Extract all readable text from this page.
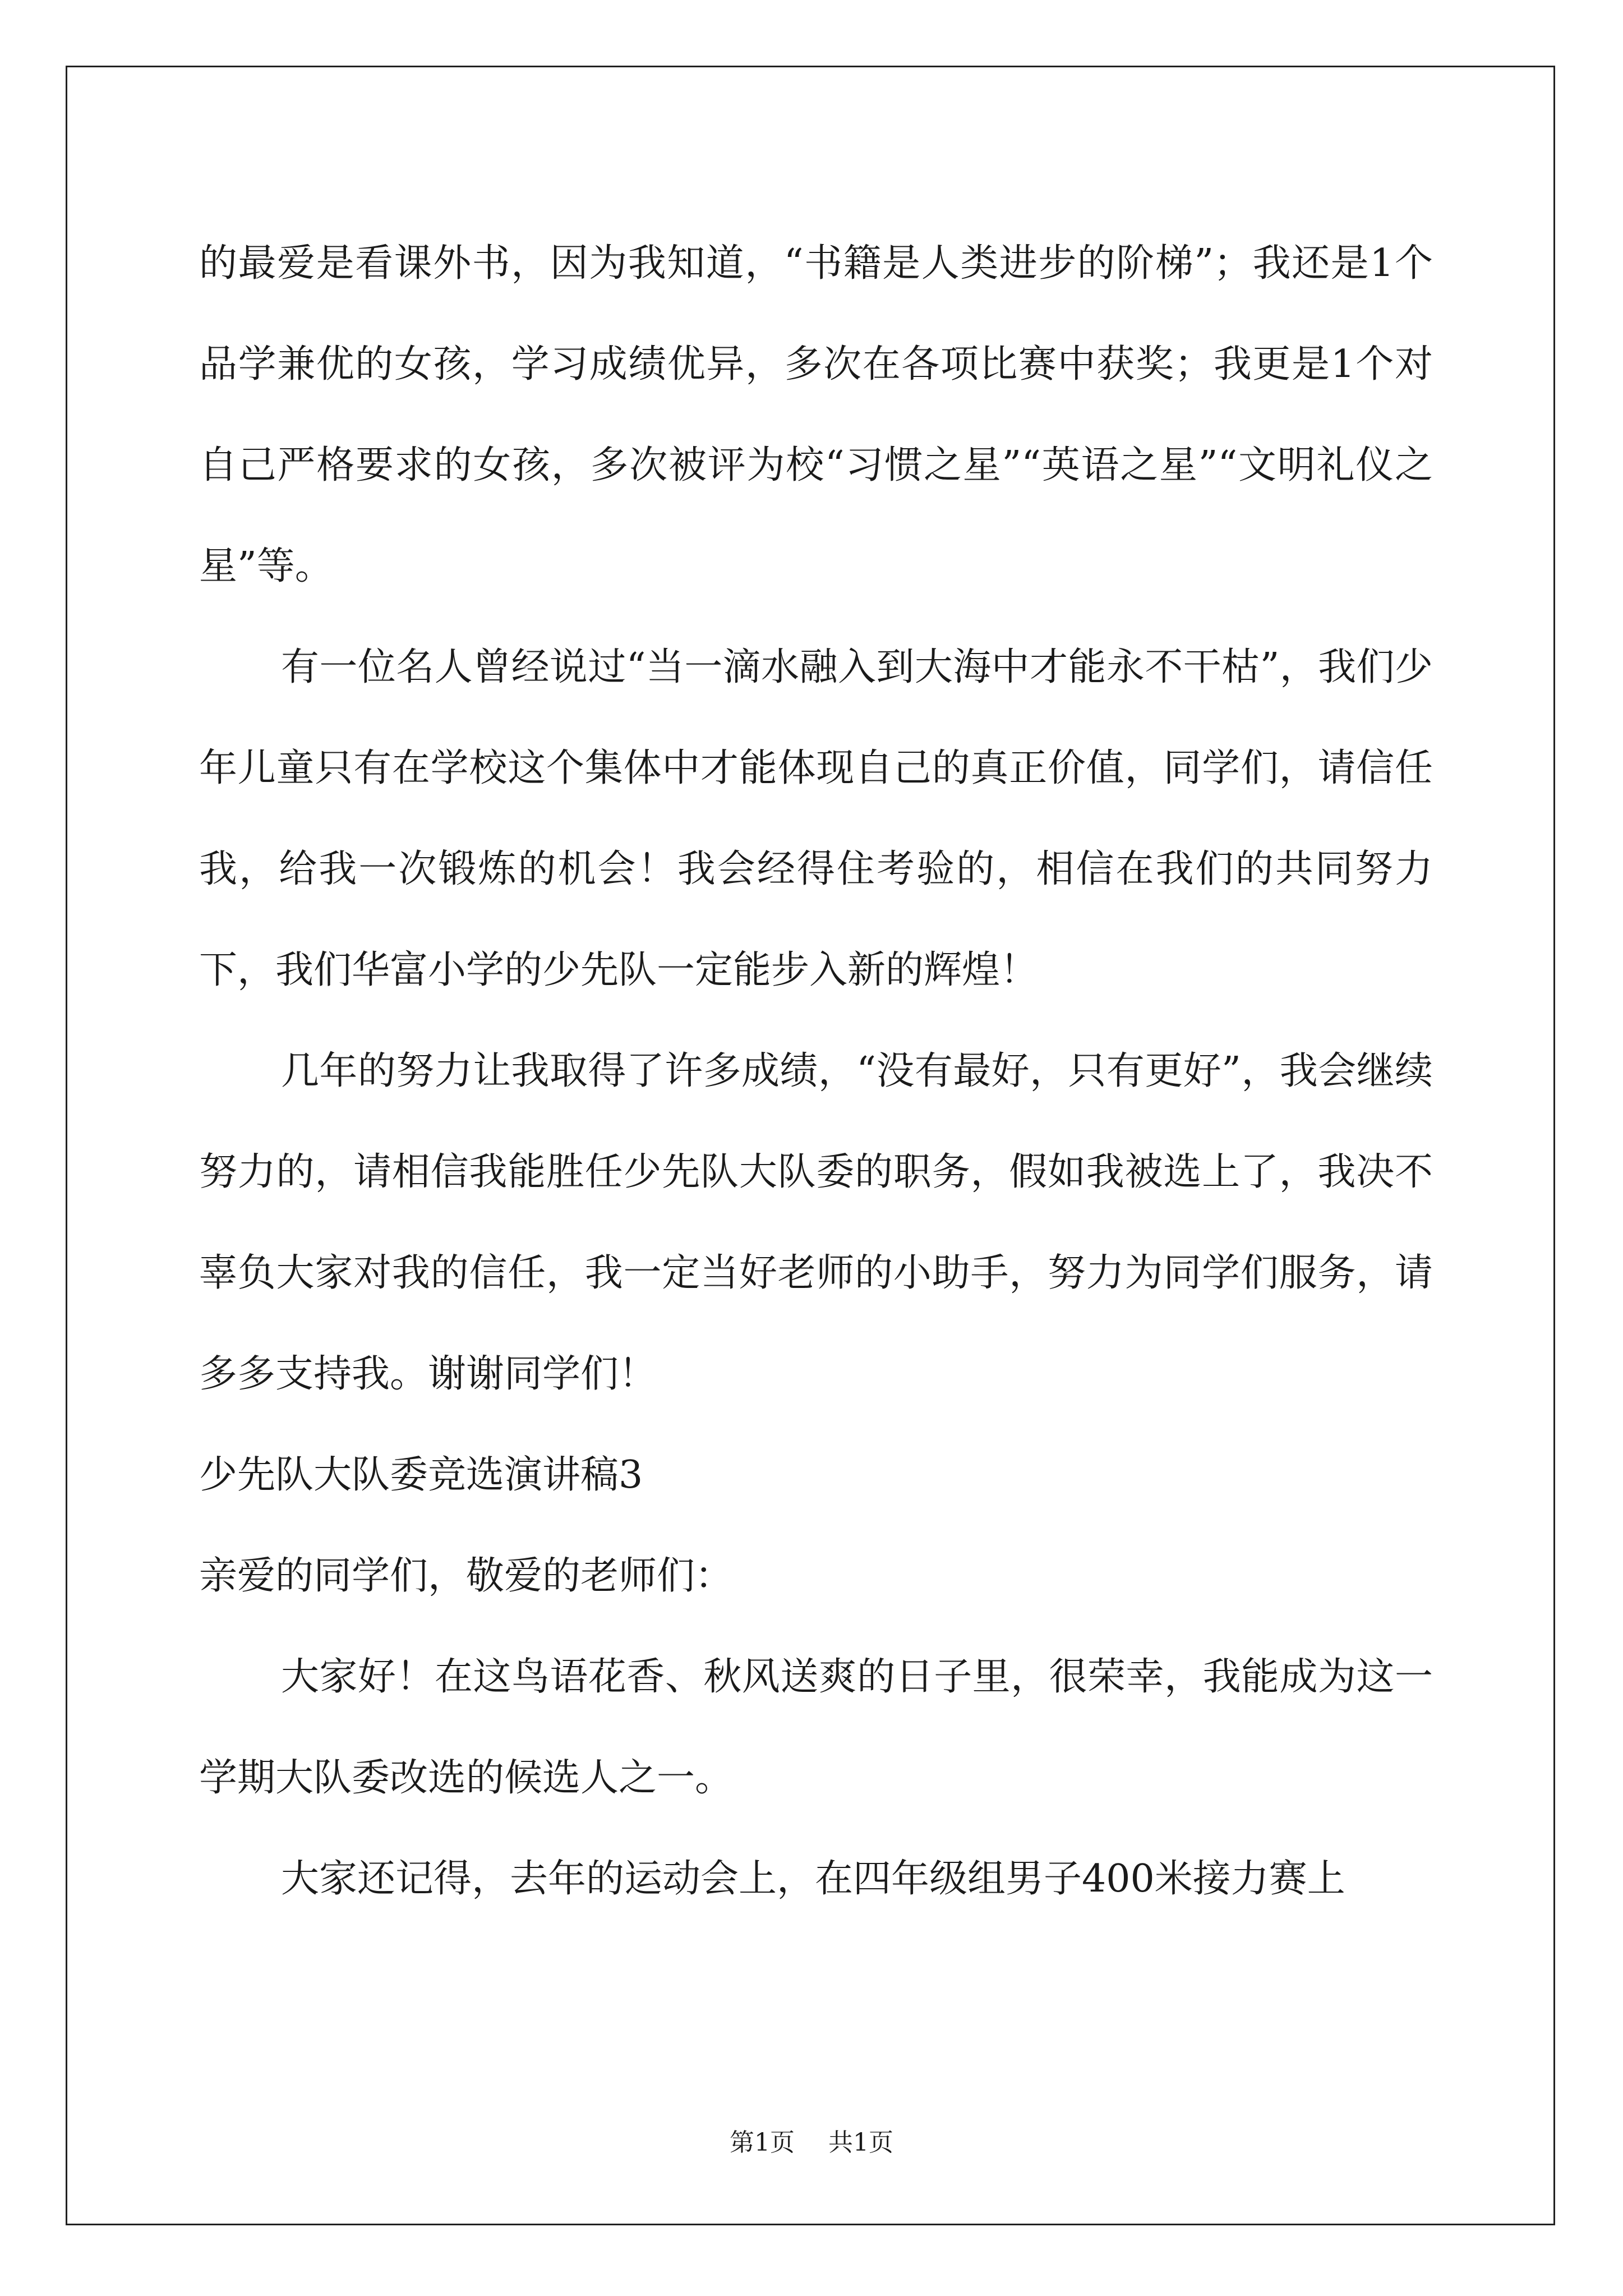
的最爱是看课外书，因为我知道，“书籍是人类进步的阶梯”；我还是1个品学兼优的女孩，学习成绩优异，多次在各项比赛中获奖；我更是1个对自己严格要求的女孩，多次被评为校“习惯之星”“英语之星”“文明礼仪之星”等。

有一位名人曾经说过“当一滴水融入到大海中才能永不干枯”，我们少年儿童只有在学校这个集体中才能体现自己的真正价值，同学们，请信任我，给我一次锻炼的机会！我会经得住考验的，相信在我们的共同努力下，我们华富小学的少先队一定能步入新的辉煌！

几年的努力让我取得了许多成绩，“没有最好，只有更好”，我会继续努力的，请相信我能胜任少先队大队委的职务，假如我被选上了，我决不辜负大家对我的信任，我一定当好老师的小助手，努力为同学们服务，请多多支持我。谢谢同学们！

少先队大队委竞选演讲稿3

亲爱的同学们，敬爱的老师们：

大家好！在这鸟语花香、秋风送爽的日子里，很荣幸，我能成为这一学期大队委改选的候选人之一。

大家还记得，去年的运动会上，在四年级组男子400米接力赛上

第1页 共1页
